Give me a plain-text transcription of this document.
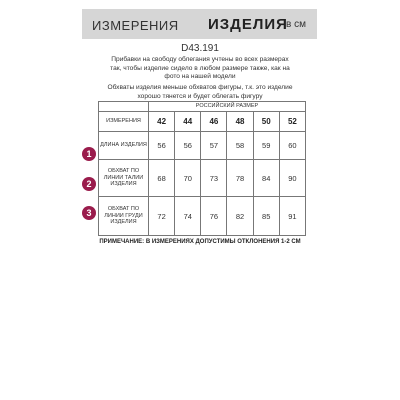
ИЗМЕРЕНИЯ ИЗДЕЛИЯ
в см
D43.191
Прибавки на свободу облегания учтены во всех размерах
так, чтобы изделие сидело в любом размере также, как на
фото на нашей модели
Обхваты изделия меньше обхватов фигуры, т.к. это изделие
хорошо тянется и будет облегать фигуру
	РОССИЙСКИЙ РАЗМЕР					
ИЗМЕРЕНИЯ	42	44	46	48	50	52

ДЛИНА ИЗДЕЛИЯ	56	56	57	58	59	60

ОБХВАТ ПО
ЛИНИИ ТАЛИИ
ИЗДЕЛИЯ	68	70	73	78	84	90

ОБХВАТ ПО
ЛИНИИ ГРУДИ
ИЗДЕЛИЯ	72	74	76	82	85	91
1
2
3
ПРИМЕЧАНИЕ: В ИЗМЕРЕНИЯХ ДОПУСТИМЫ ОТКЛОНЕНИЯ 1-2 СМ
